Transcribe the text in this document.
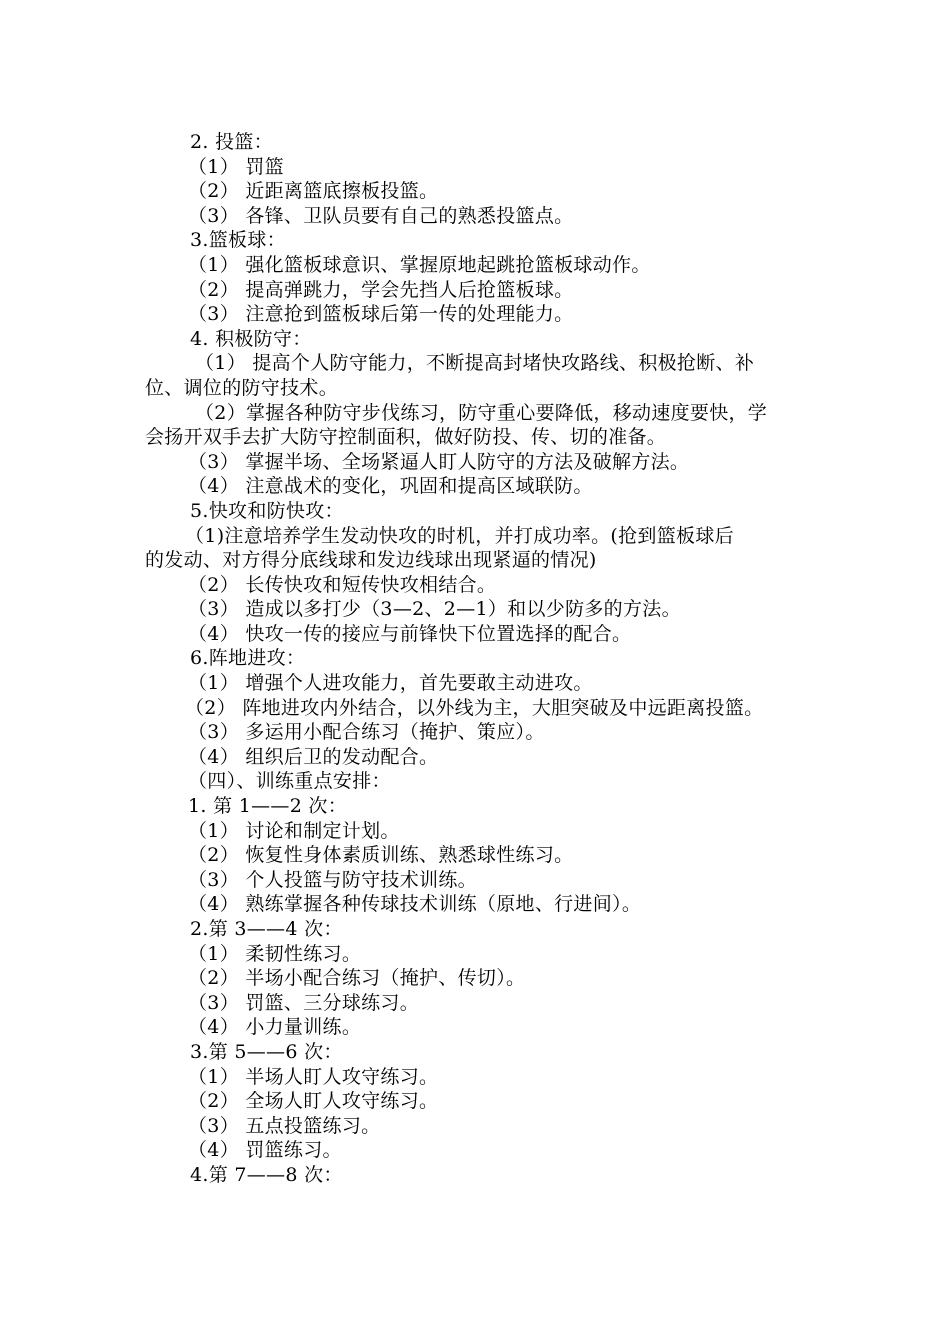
2. 投篮：
（1） 罚篮
（2） 近距离篮底擦板投篮。
（3） 各锋、卫队员要有自己的熟悉投篮点。
3.篮板球：
（1） 强化篮板球意识、掌握原地起跳抢篮板球动作。
（2） 提高弹跳力，学会先挡人后抢篮板球。
（3） 注意抢到篮板球后第一传的处理能力。
4. 积极防守：
（1） 提高个人防守能力，不断提高封堵快攻路线、积极抢断、补
位、调位的防守技术。
（2）掌握各种防守步伐练习，防守重心要降低，移动速度要快，学
会扬开双手去扩大防守控制面积，做好防投、传、切的准备。
（3） 掌握半场、全场紧逼人盯人防守的方法及破解方法。
（4） 注意战术的变化，巩固和提高区域联防。
5.快攻和防快攻：
（1)注意培养学生发动快攻的时机，并打成功率。(抢到篮板球后
的发动、对方得分底线球和发边线球出现紧逼的情况)
（2） 长传快攻和短传快攻相结合。
（3） 造成以多打少（3—2、2—1）和以少防多的方法。
（4） 快攻一传的接应与前锋快下位置选择的配合。
6.阵地进攻：
（1） 增强个人进攻能力，首先要敢主动进攻。
（2） 阵地进攻内外结合，以外线为主，大胆突破及中远距离投篮。
（3） 多运用小配合练习（掩护、策应）。
（4） 组织后卫的发动配合。
（四）、训练重点安排：
1. 第 1——2 次：
（1） 讨论和制定计划。
（2） 恢复性身体素质训练、熟悉球性练习。
（3） 个人投篮与防守技术训练。
（4） 熟练掌握各种传球技术训练（原地、行进间）。
2.第 3——4 次：
（1） 柔韧性练习。
（2） 半场小配合练习（掩护、传切）。
（3） 罚篮、三分球练习。
（4） 小力量训练。
3.第 5——6 次：
（1） 半场人盯人攻守练习。
（2） 全场人盯人攻守练习。
（3） 五点投篮练习。
（4） 罚篮练习。
4.第 7——8 次：
